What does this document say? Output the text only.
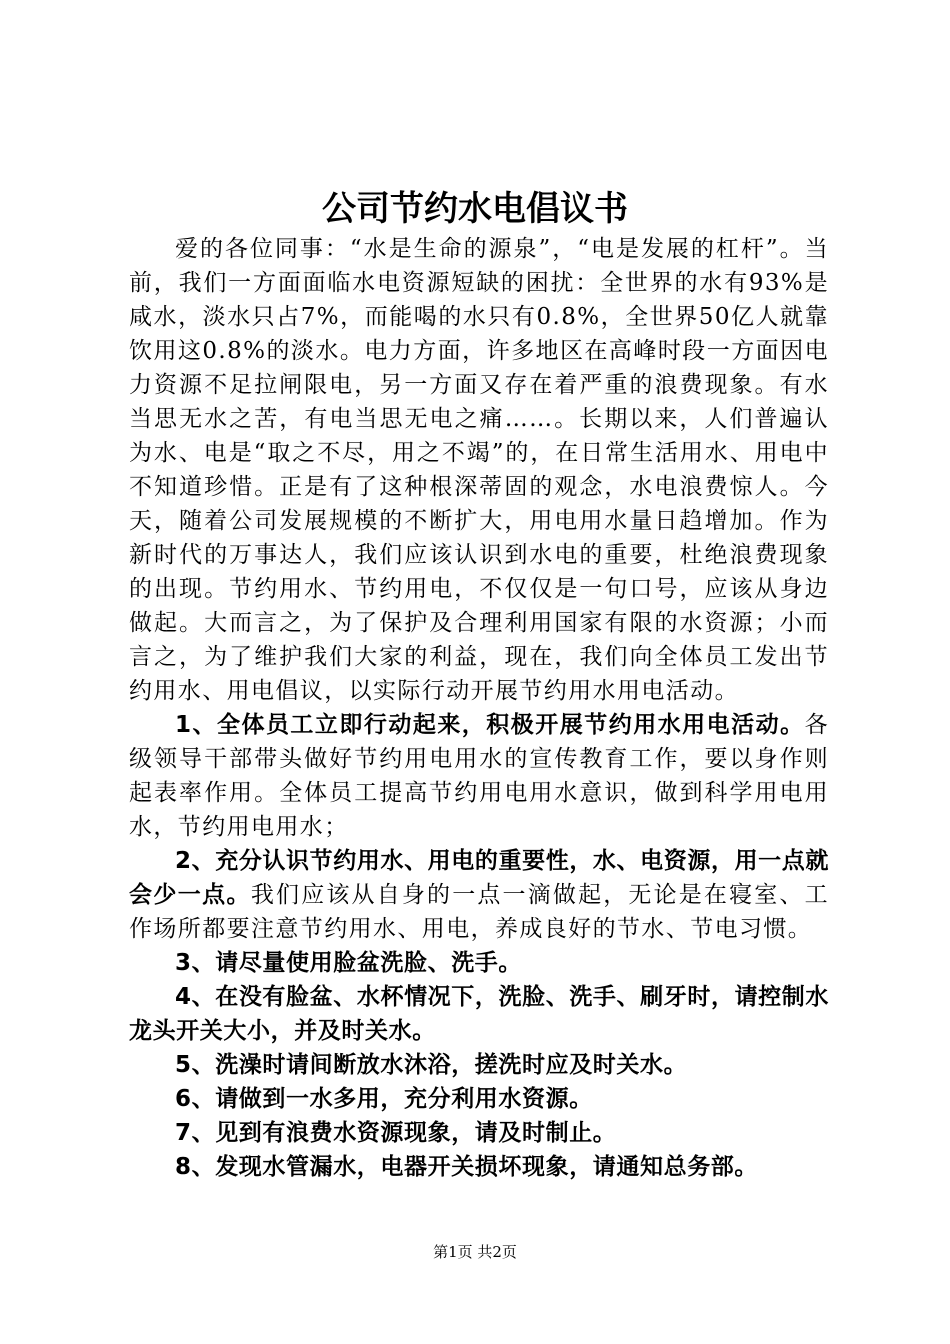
公司节约水电倡议书

爱的各位同事：“水是生命的源泉”，“电是发展的杠杆”。当前，我们一方面面临水电资源短缺的困扰：全世界的水有93%是咸水，淡水只占7%，而能喝的水只有0.8%，全世界50亿人就靠饮用这0.8%的淡水。电力方面，许多地区在高峰时段一方面因电力资源不足拉闸限电，另一方面又存在着严重的浪费现象。有水当思无水之苦，有电当思无电之痛……。长期以来，人们普遍认为水、电是“取之不尽，用之不竭”的，在日常生活用水、用电中不知道珍惜。正是有了这种根深蒂固的观念，水电浪费惊人。今天，随着公司发展规模的不断扩大，用电用水量日趋增加。作为新时代的万事达人，我们应该认识到水电的重要，杜绝浪费现象的出现。节约用水、节约用电，不仅仅是一句口号，应该从身边做起。大而言之，为了保护及合理利用国家有限的水资源；小而言之，为了维护我们大家的利益，现在，我们向全体员工发出节约用水、用电倡议，以实际行动开展节约用水用电活动。

1、全体员工立即行动起来，积极开展节约用水用电活动。各级领导干部带头做好节约用电用水的宣传教育工作，要以身作则起表率作用。全体员工提高节约用电用水意识，做到科学用电用水，节约用电用水；

2、充分认识节约用水、用电的重要性，水、电资源，用一点就会少一点。我们应该从自身的一点一滴做起，无论是在寝室、工作场所都要注意节约用水、用电，养成良好的节水、节电习惯。

3、请尽量使用脸盆洗脸、洗手。

4、在没有脸盆、水杯情况下，洗脸、洗手、刷牙时，请控制水龙头开关大小，并及时关水。

5、洗澡时请间断放水沐浴，搓洗时应及时关水。

6、请做到一水多用，充分利用水资源。

7、见到有浪费水资源现象，请及时制止。

8、发现水管漏水，电器开关损坏现象，请通知总务部。

第1页 共2页
